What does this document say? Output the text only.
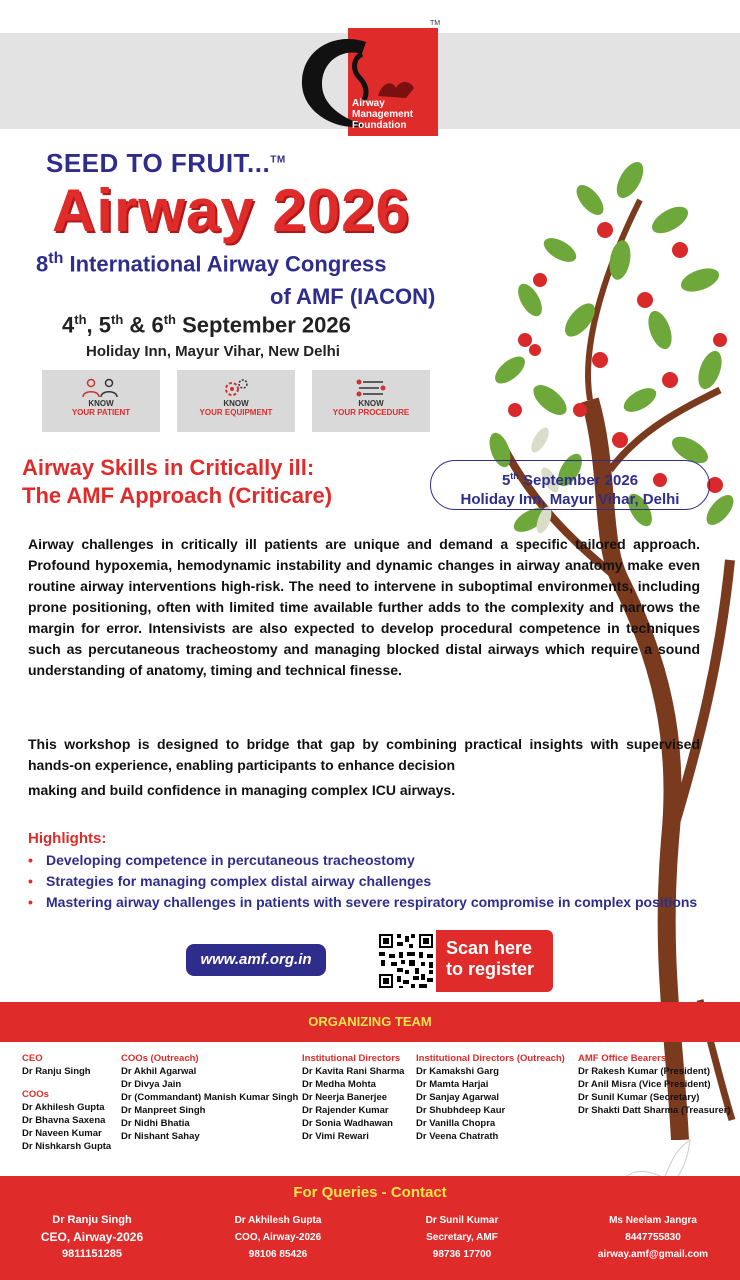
TM
Airway
Management
Foundation
SEED TO FRUIT...™
Airway 2026
8th International Airway Congress
of AMF (IACON)
4th, 5th & 6th September 2026
Holiday Inn, Mayur Vihar, New Delhi
KNOW
YOUR PATIENT
KNOW
YOUR EQUIPMENT
KNOW
YOUR PROCEDURE
Airway Skills in Critically ill:
The AMF Approach (Criticare)
5th September 2026
Holiday Inn, Mayur Vihar, Delhi
Airway challenges in critically ill patients are unique and demand a specific tailored approach. Profound hypoxemia, hemodynamic instability and dynamic changes in airway anatomy make even routine airway interventions high-risk. The need to intervene in suboptimal environments, including prone positioning, often with limited time available further adds to the complexity and narrows the margin for error. Intensivists are also expected to develop procedural competence in techniques such as percutaneous tracheostomy and managing blocked distal airways which require a sound understanding of anatomy, timing and technical finesse.
This workshop is designed to bridge that gap by combining practical insights with supervised hands-on experience, enabling participants to enhance decision
making and build confidence in managing complex ICU airways.
Highlights:
• Developing competence in percutaneous tracheostomy
• Strategies for managing complex distal airway challenges
• Mastering airway challenges in patients with severe respiratory compromise in complex positions
www.amf.org.in
Scan here
to register
ORGANIZING TEAM
CEO
Dr Ranju Singh
COOs
Dr Akhilesh Gupta
Dr Bhavna Saxena
Dr Naveen Kumar
Dr Nishkarsh Gupta
COOs (Outreach)
Dr Akhil Agarwal
Dr Divya Jain
Dr (Commandant) Manish Kumar Singh
Dr Manpreet Singh
Dr Nidhi Bhatia
Dr Nishant Sahay
Institutional Directors
Dr Kavita Rani Sharma
Dr Medha Mohta
Dr Neerja Banerjee
Dr Rajender Kumar
Dr Sonia Wadhawan
Dr Vimi Rewari
Institutional Directors (Outreach)
Dr Kamakshi Garg
Dr Mamta Harjai
Dr Sanjay Agarwal
Dr Shubhdeep Kaur
Dr Vanilla Chopra
Dr Veena Chatrath
AMF Office Bearers
Dr Rakesh Kumar (President)
Dr Anil Misra (Vice President)
Dr Sunil Kumar (Secretary)
Dr Shakti Datt Sharma (Treasurer)
For Queries - Contact
Dr Ranju Singh
CEO, Airway-2026
9811151285
Dr Akhilesh Gupta
COO, Airway-2026
98106 85426
Dr Sunil Kumar
Secretary, AMF
98736 17700
Ms Neelam Jangra
8447755830
airway.amf@gmail.com
